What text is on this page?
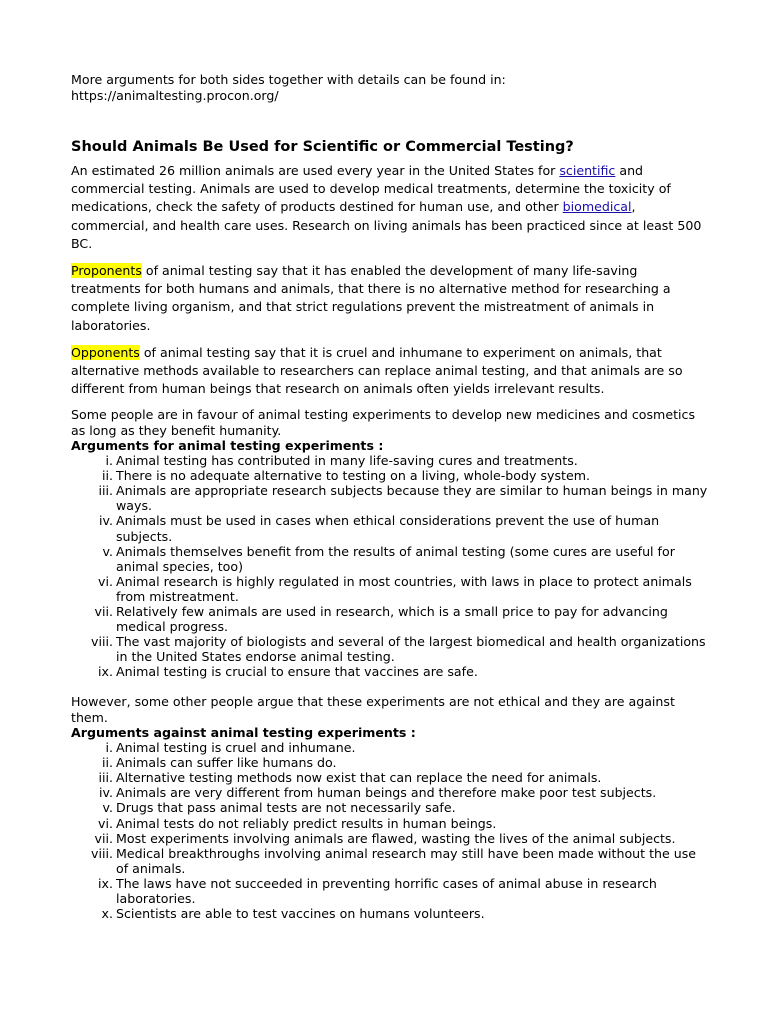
More arguments for both sides together with details can be found in:

https://animaltesting.procon.org/

Should Animals Be Used for Scientific or Commercial Testing?

An estimated 26 million animals are used every year in the United States for scientific and commercial testing. Animals are used to develop medical treatments, determine the toxicity of medications, check the safety of products destined for human use, and other biomedical, commercial, and health care uses. Research on living animals has been practiced since at least 500 BC.

Proponents of animal testing say that it has enabled the development of many life-saving treatments for both humans and animals, that there is no alternative method for researching a complete living organism, and that strict regulations prevent the mistreatment of animals in laboratories.

Opponents of animal testing say that it is cruel and inhumane to experiment on animals, that alternative methods available to researchers can replace animal testing, and that animals are so different from human beings that research on animals often yields irrelevant results.

Some people are in favour of animal testing experiments to develop new medicines and cosmetics as long as they benefit humanity.

Arguments for animal testing experiments :

i. Animal testing has contributed in many life-saving cures and treatments.
ii. There is no adequate alternative to testing on a living, whole-body system.
iii. Animals are appropriate research subjects because they are similar to human beings in many ways.
iv. Animals must be used in cases when ethical considerations prevent the use of human subjects.
v. Animals themselves benefit from the results of animal testing (some cures are useful for animal species, too)
vi. Animal research is highly regulated in most countries, with laws in place to protect animals from mistreatment.
vii. Relatively few animals are used in research, which is a small price to pay for advancing medical progress.
viii. The vast majority of biologists and several of the largest biomedical and health organizations in the United States endorse animal testing.
ix. Animal testing is crucial to ensure that vaccines are safe.

However, some other people argue that these experiments are not ethical and they are against them.

Arguments against animal testing experiments :

i. Animal testing is cruel and inhumane.
ii. Animals can suffer like humans do.
iii. Alternative testing methods now exist that can replace the need for animals.
iv. Animals are very different from human beings and therefore make poor test subjects.
v. Drugs that pass animal tests are not necessarily safe.
vi. Animal tests do not reliably predict results in human beings.
vii. Most experiments involving animals are flawed, wasting the lives of the animal subjects.
viii. Medical breakthroughs involving animal research may still have been made without the use of animals.
ix. The laws have not succeeded in preventing horrific cases of animal abuse in research laboratories.
x. Scientists are able to test vaccines on humans volunteers.
